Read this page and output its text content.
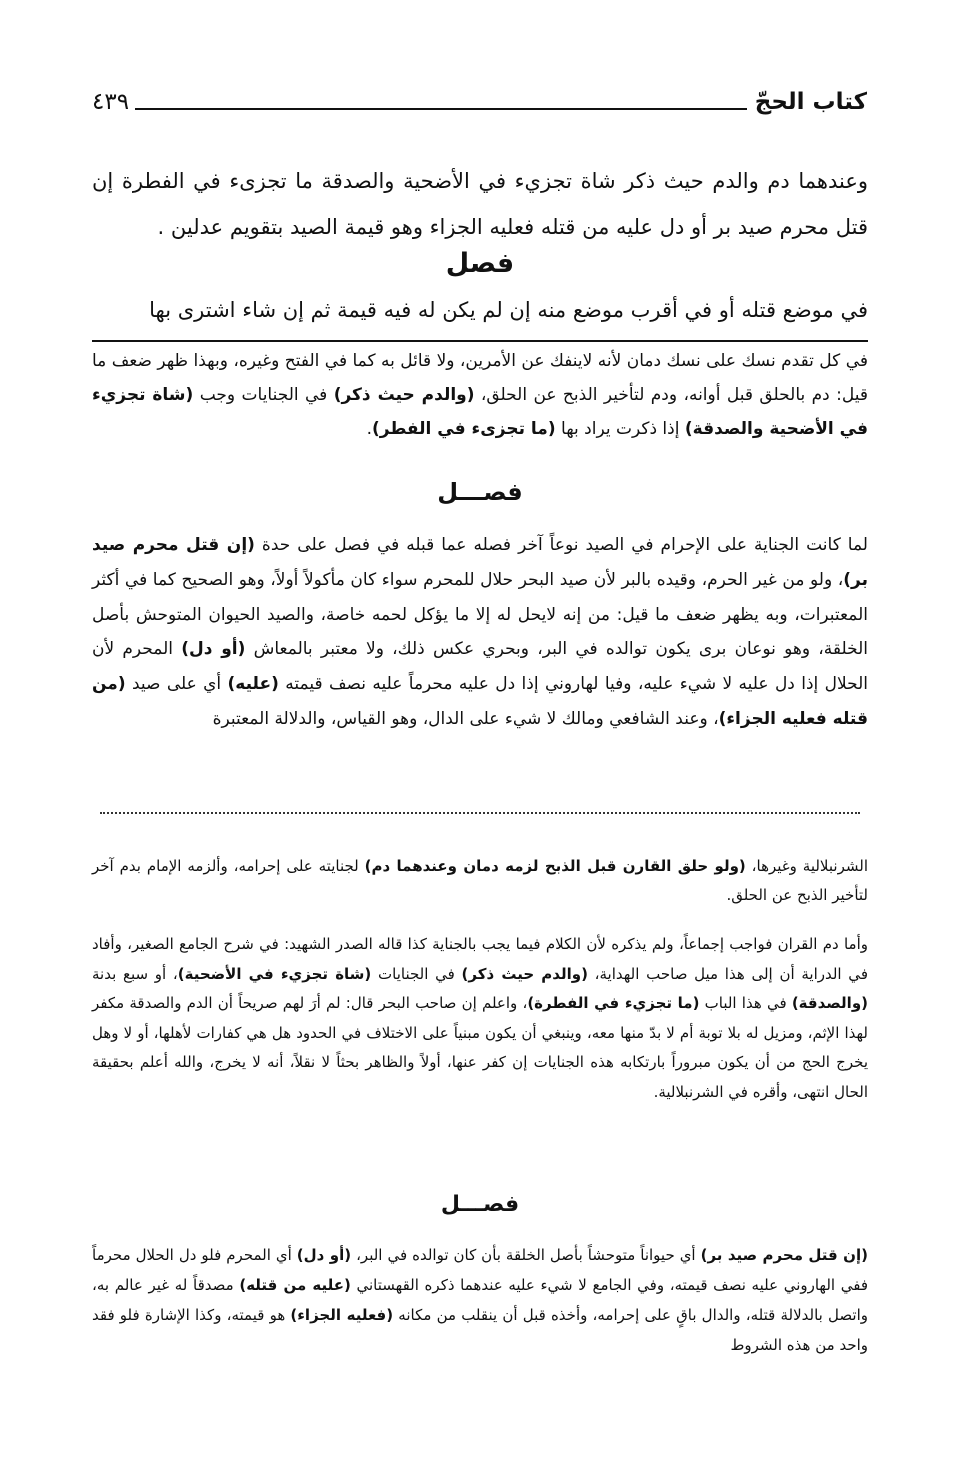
كتاب الحجّ
٤٣٩
وعندهما دم والدم حيث ذكر شاة تجزيء في الأضحية والصدقة ما تجزىء في الفطرة إن قتل محرم صيد بر أو دل عليه من قتله فعليه الجزاء وهو قيمة الصيد بتقويم عدلين .
فصل
في موضع قتله أو في أقرب موضع منه إن لم يكن له فيه قيمة ثم إن شاء اشترى بها
في كل تقدم نسك على نسك دمان لأنه لاينفك عن الأمرين، ولا قائل به كما في الفتح وغيره، وبهذا ظهر ضعف ما قيل: دم بالحلق قبل أوانه، ودم لتأخير الذبح عن الحلق، (والدم حيث ذكر) في الجنايات وجب (شاة تجزيء في الأضحية والصدقة) إذا ذكرت يراد بها (ما تجزىء في الفطر).
فصـــل
لما كانت الجناية على الإحرام في الصيد نوعاً آخر فصله عما قبله في فصل على حدة (إن قتل محرم صيد بر)، ولو من غير الحرم، وقيده بالبر لأن صيد البحر حلال للمحرم سواء كان مأكولاً أولاً، وهو الصحيح كما في أكثر المعتبرات، وبه يظهر ضعف ما قيل: من إنه لايحل له إلا ما يؤكل لحمه خاصة، والصيد الحيوان المتوحش بأصل الخلقة، وهو نوعان برى يكون توالده في البر، وبحري عكس ذلك، ولا معتبر بالمعاش (أو دل) المحرم لأن الحلال إذا دل عليه لا شيء عليه، وفيا لهاروني إذا دل عليه محرماً عليه نصف قيمته (عليه) أي على صيد (من قتله فعليه الجزاء)، وعند الشافعي ومالك لا شيء على الدال، وهو القياس، والدلالة المعتبرة
الشرنبلالية وغيرها، (ولو حلق القارن قبل الذبح لزمه دمان وعندهما دم) لجنايته على إحرامه، وألزمه الإمام بدم آخر لتأخير الذبح عن الحلق.
وأما دم القران فواجب إجماعاً، ولم يذكره لأن الكلام فيما يجب بالجناية كذا قاله الصدر الشهيد: في شرح الجامع الصغير، وأفاد في الدراية أن إلى هذا ميل صاحب الهداية، (والدم حيث ذكر) في الجنايات (شاة تجزيء في الأضحية)، أو سبع بدنة (والصدقة) في هذا الباب (ما تجزيء في الفطرة)، واعلم إن صاحب البحر قال: لم أرَ لهم صريحاً أن الدم والصدقة مكفر لهذا الإثم، ومزيل له بلا توبة أم لا بدّ منها معه، وينبغي أن يكون مبنياً على الاختلاف في الحدود هل هي كفارات لأهلها، أو لا وهل يخرج الحج من أن يكون مبروراً بارتكابه هذه الجنايات إن كفر عنها، أولاً والظاهر بحثاً لا نقلاً، أنه لا يخرج، والله أعلم بحقيقة الحال انتهى، وأقره في الشرنبلالية.
فصـــل
(إن قتل محرم صيد بر) أي حيواناً متوحشاً بأصل الخلقة بأن كان توالده في البر، (أو دل) أي المحرم فلو دل الحلال محرماً ففي الهاروني عليه نصف قيمته، وفي الجامع لا شيء عليه عندهما ذكره القهستاني (عليه من قتله) مصدقاً له غير عالم به، واتصل بالدلالة قتله، والدال باقٍ على إحرامه، وأخذه قبل أن ينقلب من مكانه (فعليه الجزاء) هو قيمته، وكذا الإشارة فلو فقد واحد من هذه الشروط
